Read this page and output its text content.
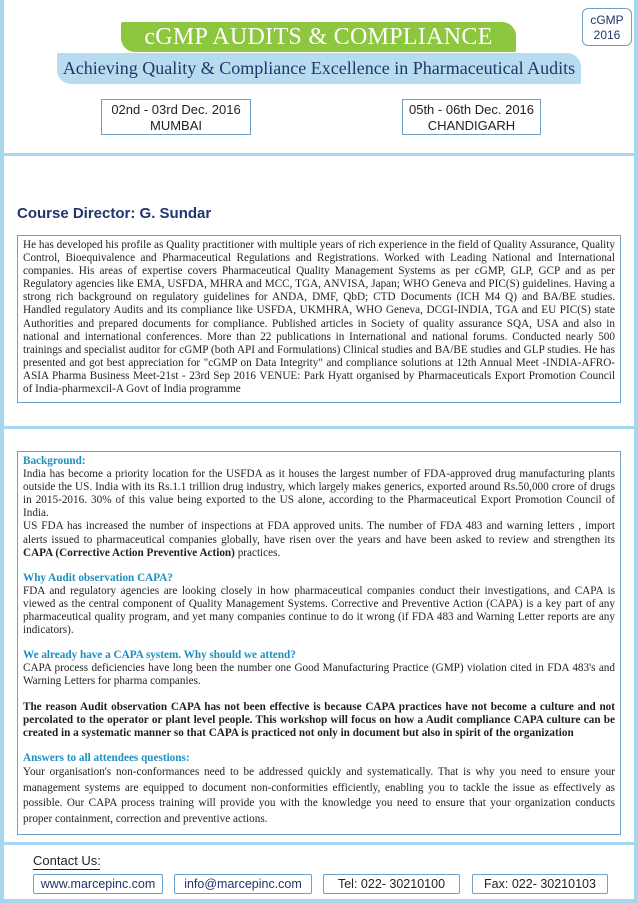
cGMP AUDITS & COMPLIANCE
Achieving Quality & Compliance Excellence in Pharmaceutical Audits
cGMP
2016
02nd - 03rd Dec. 2016
MUMBAI
05th - 06th Dec. 2016
CHANDIGARH
Course Director: G. Sundar

He has developed his profile as Quality practitioner with multiple years of rich experience in the field of Quality Assurance, Quality Control, Bioequivalence and Pharmaceutical Regulations and Registrations. Worked with Leading National and International companies. His areas of expertise covers Pharmaceutical Quality Management Systems as per cGMP, GLP, GCP and as per Regulatory agencies like EMA, USFDA, MHRA and MCC, TGA, ANVISA, Japan; WHO Geneva and PIC(S) guidelines. Having a strong rich background on regulatory guidelines for ANDA, DMF, QbD; CTD Documents (ICH M4 Q) and BA/BE studies. Handled regulatory Audits and its compliance like USFDA, UKMHRA, WHO Geneva, DCGI-INDIA, TGA and EU PIC(S) state Authorities and prepared documents for compliance. Published articles in Society of quality assurance SQA, USA and also in national and international conferences. More than 22 publications in International and national forums. Conducted nearly 500 trainings and specialist auditor for cGMP (both API and Formulations) Clinical studies and BA/BE studies and GLP studies. He has presented and got best appreciation for "cGMP on Data Integrity" and compliance solutions at 12th Annual Meet -INDIA-AFRO-ASIA Pharma Business Meet-21st - 23rd Sep 2016 VENUE: Park Hyatt organised by Pharmaceuticals Export Promotion Council of India-pharmexcil-A Govt of India programme

Background:

India has become a priority location for the USFDA as it houses the largest number of FDA-approved drug manufacturing plants outside the US. India with its Rs.1.1 trillion drug industry, which largely makes generics, exported around Rs.50,000 crore of drugs in 2015-2016. 30% of this value being exported to the US alone, according to the Pharmaceutical Export Promotion Council of India.

US FDA has increased the number of inspections at FDA approved units. The number of FDA 483 and warning letters , import alerts issued to pharmaceutical companies globally, have risen over the years and have been asked to review and strengthen its CAPA (Corrective Action Preventive Action) practices.

Why Audit observation CAPA?

FDA and regulatory agencies are looking closely in how pharmaceutical companies conduct their investigations, and CAPA is viewed as the central component of Quality Management Systems. Corrective and Preventive Action (CAPA) is a key part of any pharmaceutical quality program, and yet many companies continue to do it wrong (if FDA 483 and Warning Letter reports are any indicators).

We already have a CAPA system. Why should we attend?

CAPA process deficiencies have long been the number one Good Manufacturing Practice (GMP) violation cited in FDA 483's and Warning Letters for pharma companies.

The reason Audit observation CAPA has not been effective is because CAPA practices have not become a culture and not percolated to the operator or plant level people. This workshop will focus on how a Audit compliance CAPA culture can be created in a systematic manner so that CAPA is practiced not only in document but also in spirit of the organization

Answers to all attendees questions:

Your organisation's non-conformances need to be addressed quickly and systematically. That is why you need to ensure your management systems are equipped to document non-conformities efficiently, enabling you to tackle the issue as effectively as possible. Our CAPA process training will provide you with the knowledge you need to ensure that your organization conducts proper containment, correction and preventive actions.

Contact Us:
www.marcepinc.com	info@marcepinc.com	Tel: 022- 30210100	Fax: 022- 30210103
